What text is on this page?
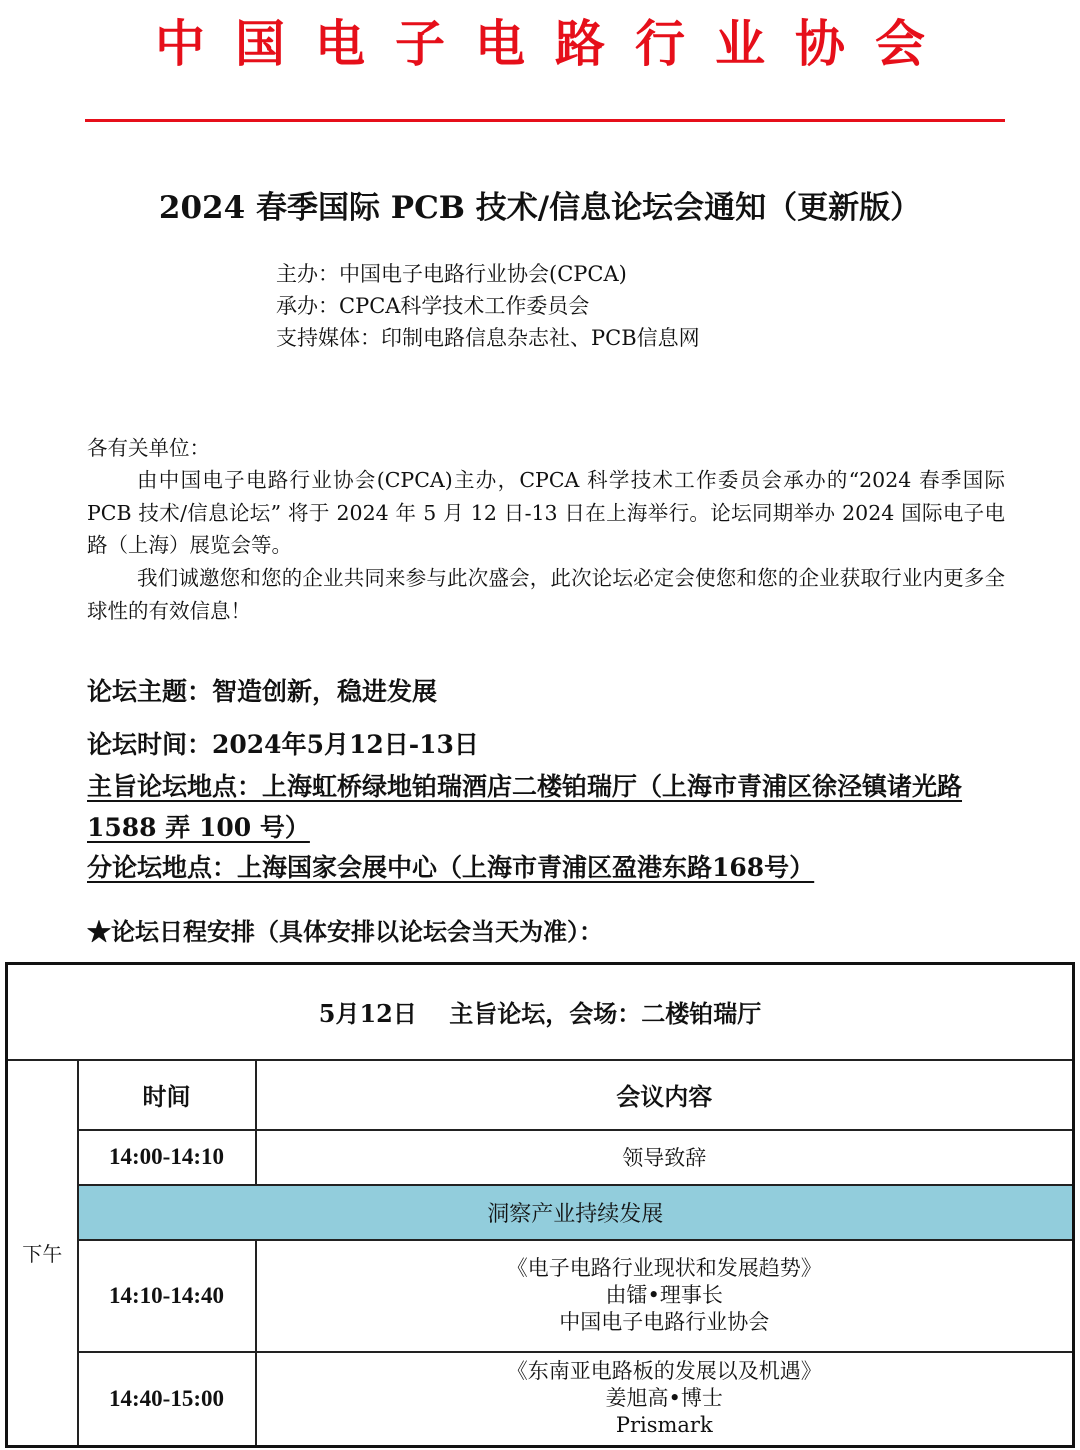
中国电子电路行业协会
2024 春季国际 PCB 技术/信息论坛会通知（更新版）
主办：中国电子电路行业协会(CPCA)
承办：CPCA科学技术工作委员会
支持媒体：印制电路信息杂志社、PCB信息网
各有关单位：
由中国电子电路行业协会(CPCA)主办，CPCA 科学技术工作委员会承办的“2024 春季国际 PCB 技术/信息论坛” 将于 2024 年 5 月 12 日-13 日在上海举行。论坛同期举办 2024 国际电子电路（上海）展览会等。
我们诚邀您和您的企业共同来参与此次盛会，此次论坛必定会使您和您的企业获取行业内更多全球性的有效信息！
论坛主题：智造创新，稳进发展
论坛时间：2024年5月12日-13日
主旨论坛地点：上海虹桥绿地铂瑞酒店二楼铂瑞厅（上海市青浦区徐泾镇诸光路 1588 弄 100 号）
分论坛地点：上海国家会展中心（上海市青浦区盈港东路168号）
★论坛日程安排（具体安排以论坛会当天为准）：
5月12日　 主旨论坛，会场：二楼铂瑞厅		
下午	时间	会议内容
	14:00-14:10	领导致辞
	洞察产业持续发展	
	14:10-14:40	《电子电路行业现状和发展趋势》
由镭•理事长
中国电子电路行业协会

	14:40-15:00	《东南亚电路板的发展以及机遇》
姜旭高•博士
Prismark
